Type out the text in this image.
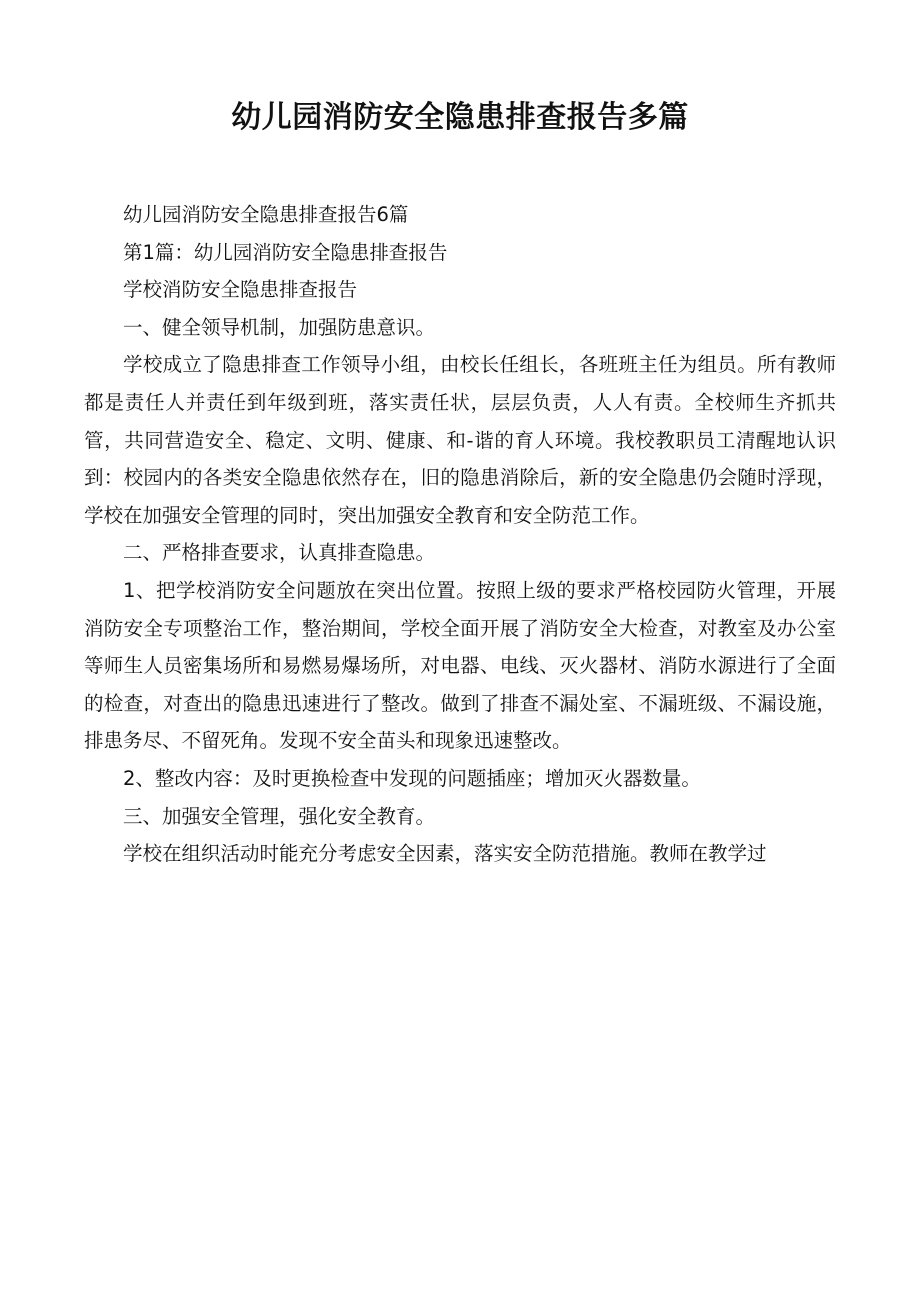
幼儿园消防安全隐患排查报告多篇

幼儿园消防安全隐患排查报告6篇

第1篇：幼儿园消防安全隐患排查报告

学校消防安全隐患排查报告

一、健全领导机制，加强防患意识。

学校成立了隐患排查工作领导小组，由校长任组长，各班班主任为组员。所有教师都是责任人并责任到年级到班，落实责任状，层层负责，人人有责。全校师生齐抓共管，共同营造安全、稳定、文明、健康、和-谐的育人环境。我校教职员工清醒地认识到：校园内的各类安全隐患依然存在，旧的隐患消除后，新的安全隐患仍会随时浮现，学校在加强安全管理的同时，突出加强安全教育和安全防范工作。

二、严格排查要求，认真排查隐患。

1、把学校消防安全问题放在突出位置。按照上级的要求严格校园防火管理，开展消防安全专项整治工作，整治期间，学校全面开展了消防安全大检查，对教室及办公室等师生人员密集场所和易燃易爆场所，对电器、电线、灭火器材、消防水源进行了全面的检查，对查出的隐患迅速进行了整改。做到了排查不漏处室、不漏班级、不漏设施，排患务尽、不留死角。发现不安全苗头和现象迅速整改。

2、整改内容：及时更换检查中发现的问题插座；增加灭火器数量。

三、加强安全管理，强化安全教育。

学校在组织活动时能充分考虑安全因素，落实安全防范措施。教师在教学过
